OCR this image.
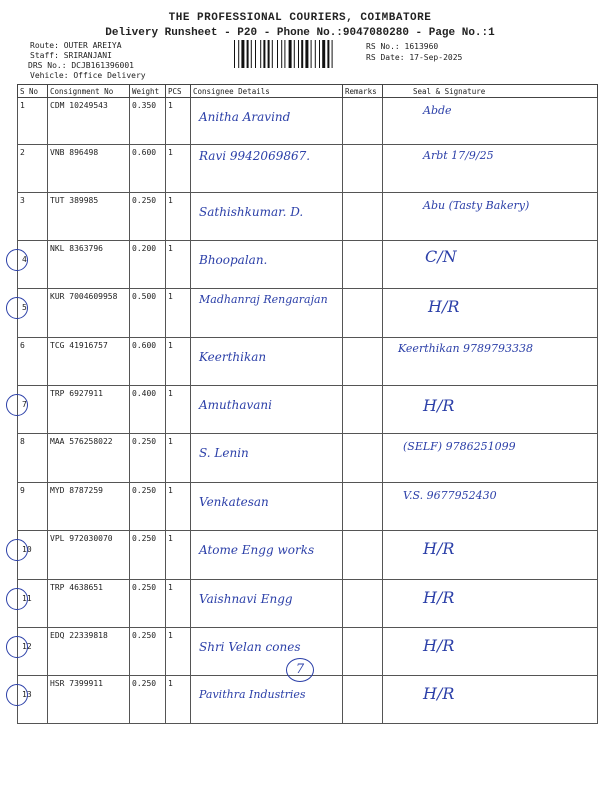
THE PROFESSIONAL COURIERS, COIMBATORE
Delivery Runsheet - P20 - Phone No.:9047080280 - Page No.:1
Route: OUTER AREIYA
Staff: SRIRANJANI
DRS No.: DCJB161396001
Vehicle: Office Delivery
RS No.: 1613960
RS Date: 17-Sep-2025
S No	Consignment No	Weight	PCS	Consignee Details	Remarks	Seal & Signature
1	CDM 10249543	0.350	1	Anitha Aravind		Abde

2	VNB 896498	0.600	1	Ravi 9942069867.		Arbt 17/9/25

3	TUT 389985	0.250	1	Sathishkumar. D.		Abu (Tasty Bakery)

4	NKL 8363796	0.200	1	Bhoopalan.		C/N

5	KUR 7004609958	0.500	1	Madhanraj Rengarajan		H/R

6	TCG 41916757	0.600	1	Keerthikan		Keerthikan 9789793338

7	TRP 6927911	0.400	1	Amuthavani		H/R

8	MAA 576258022	0.250	1	S. Lenin		(SELF) 9786251099

9	MYD 8787259	0.250	1	Venkatesan		V.S. 9677952430

10	VPL 972030070	0.250	1	Atome Engg works		H/R

11	TRP 4638651	0.250	1	Vaishnavi Engg		H/R

12	EDQ 22339818	0.250	1	Shri Velan cones		H/R

13	HSR 7399911	0.250	1	Pavithra Industries		H/R
7
